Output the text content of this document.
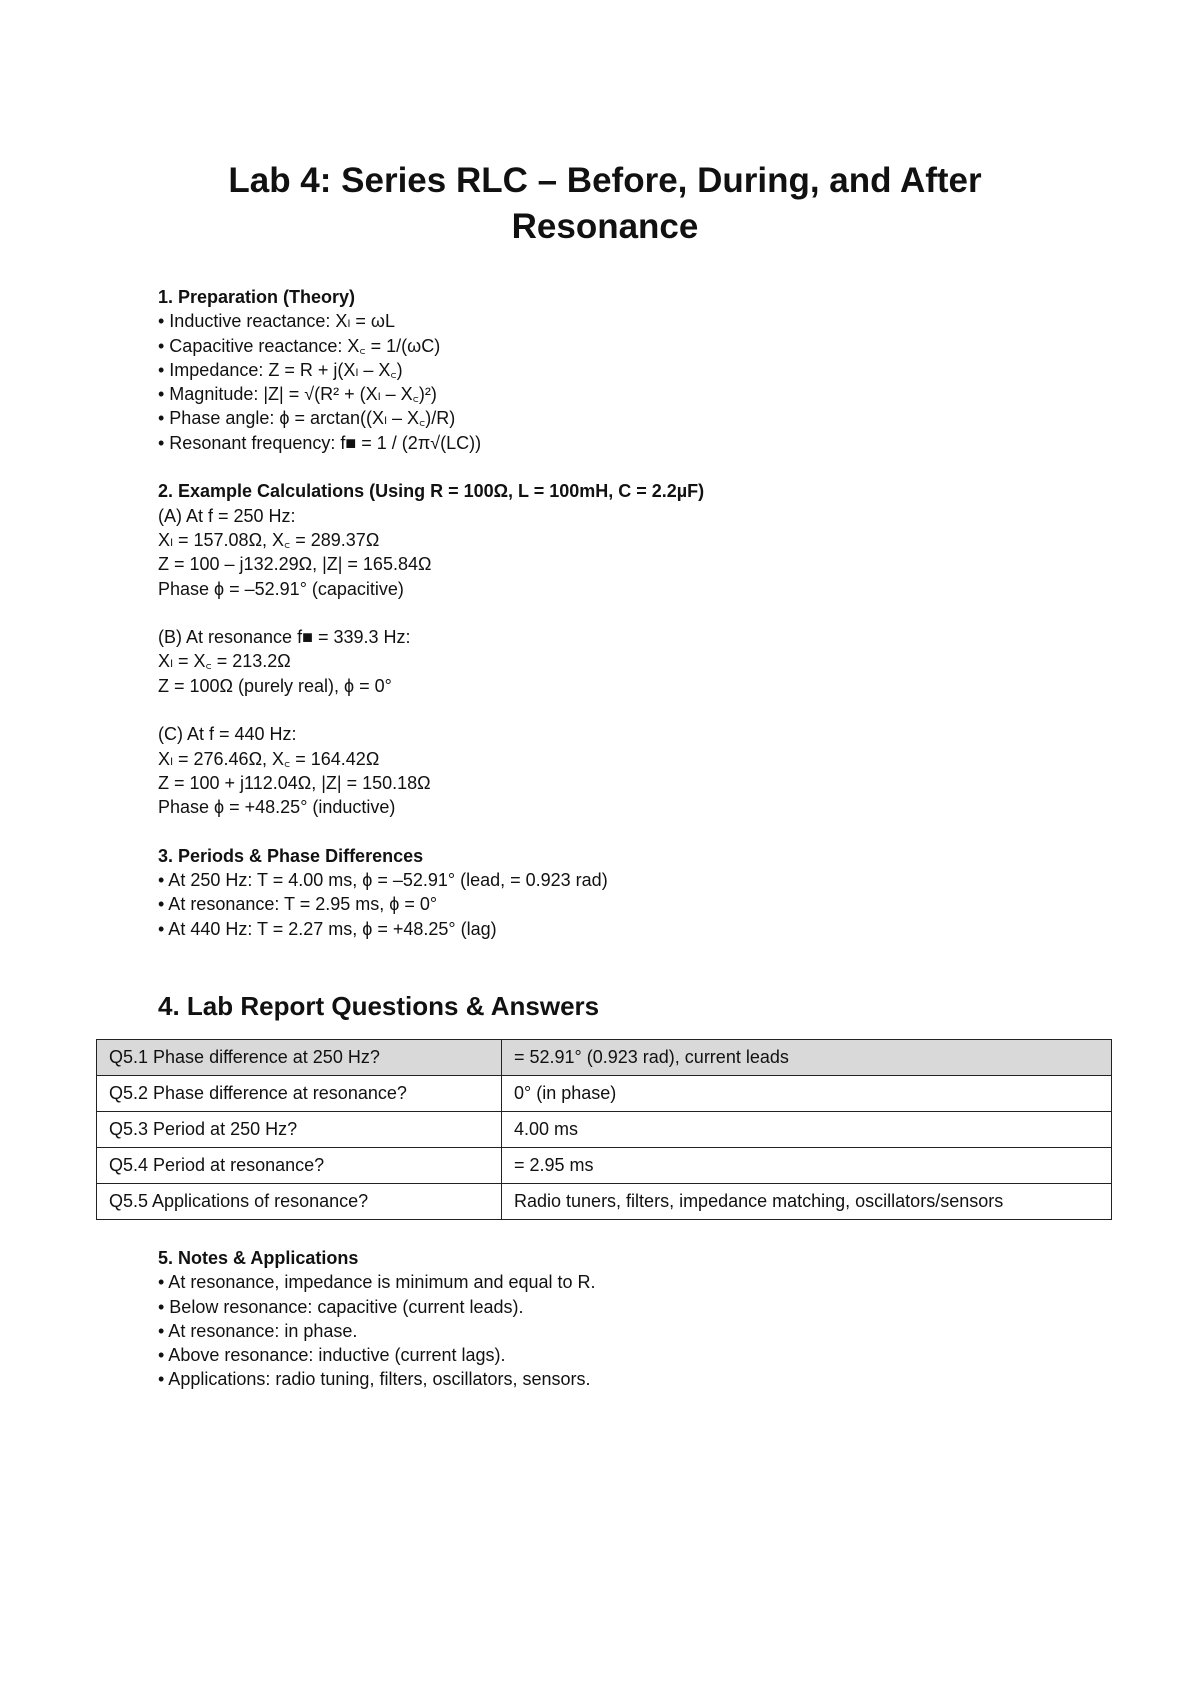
Lab 4: Series RLC – Before, During, and After Resonance

1. Preparation (Theory)

• Inductive reactance: Xₗ = ωL

• Capacitive reactance: X꜀ = 1/(ωC)

• Impedance: Z = R + j(Xₗ – X꜀)

• Magnitude: |Z| = √(R² + (Xₗ – X꜀)²)

• Phase angle: ϕ = arctan((Xₗ – X꜀)/R)

• Resonant frequency: f■ = 1 / (2π√(LC))

2. Example Calculations (Using R = 100Ω, L = 100mH, C = 2.2µF)

(A) At f = 250 Hz:

Xₗ = 157.08Ω, X꜀ = 289.37Ω

Z = 100 – j132.29Ω, |Z| = 165.84Ω

Phase ϕ = –52.91° (capacitive)

(B) At resonance f■ = 339.3 Hz:

Xₗ = X꜀ = 213.2Ω

Z = 100Ω (purely real), ϕ = 0°

(C) At f = 440 Hz:

Xₗ = 276.46Ω, X꜀ = 164.42Ω

Z = 100 + j112.04Ω, |Z| = 150.18Ω

Phase ϕ = +48.25° (inductive)

3. Periods & Phase Differences

• At 250 Hz: T = 4.00 ms, ϕ = –52.91° (lead, = 0.923 rad)

• At resonance: T = 2.95 ms, ϕ = 0°

• At 440 Hz: T = 2.27 ms, ϕ = +48.25° (lag)

4. Lab Report Questions & Answers
Q5.1 Phase difference at 250 Hz?	= 52.91° (0.923 rad), current leads
Q5.2 Phase difference at resonance?	0° (in phase)
Q5.3 Period at 250 Hz?	4.00 ms
Q5.4 Period at resonance?	= 2.95 ms
Q5.5 Applications of resonance?	Radio tuners, filters, impedance matching, oscillators/sensors

5. Notes & Applications

• At resonance, impedance is minimum and equal to R.

• Below resonance: capacitive (current leads).

• At resonance: in phase.

• Above resonance: inductive (current lags).

• Applications: radio tuning, filters, oscillators, sensors.
